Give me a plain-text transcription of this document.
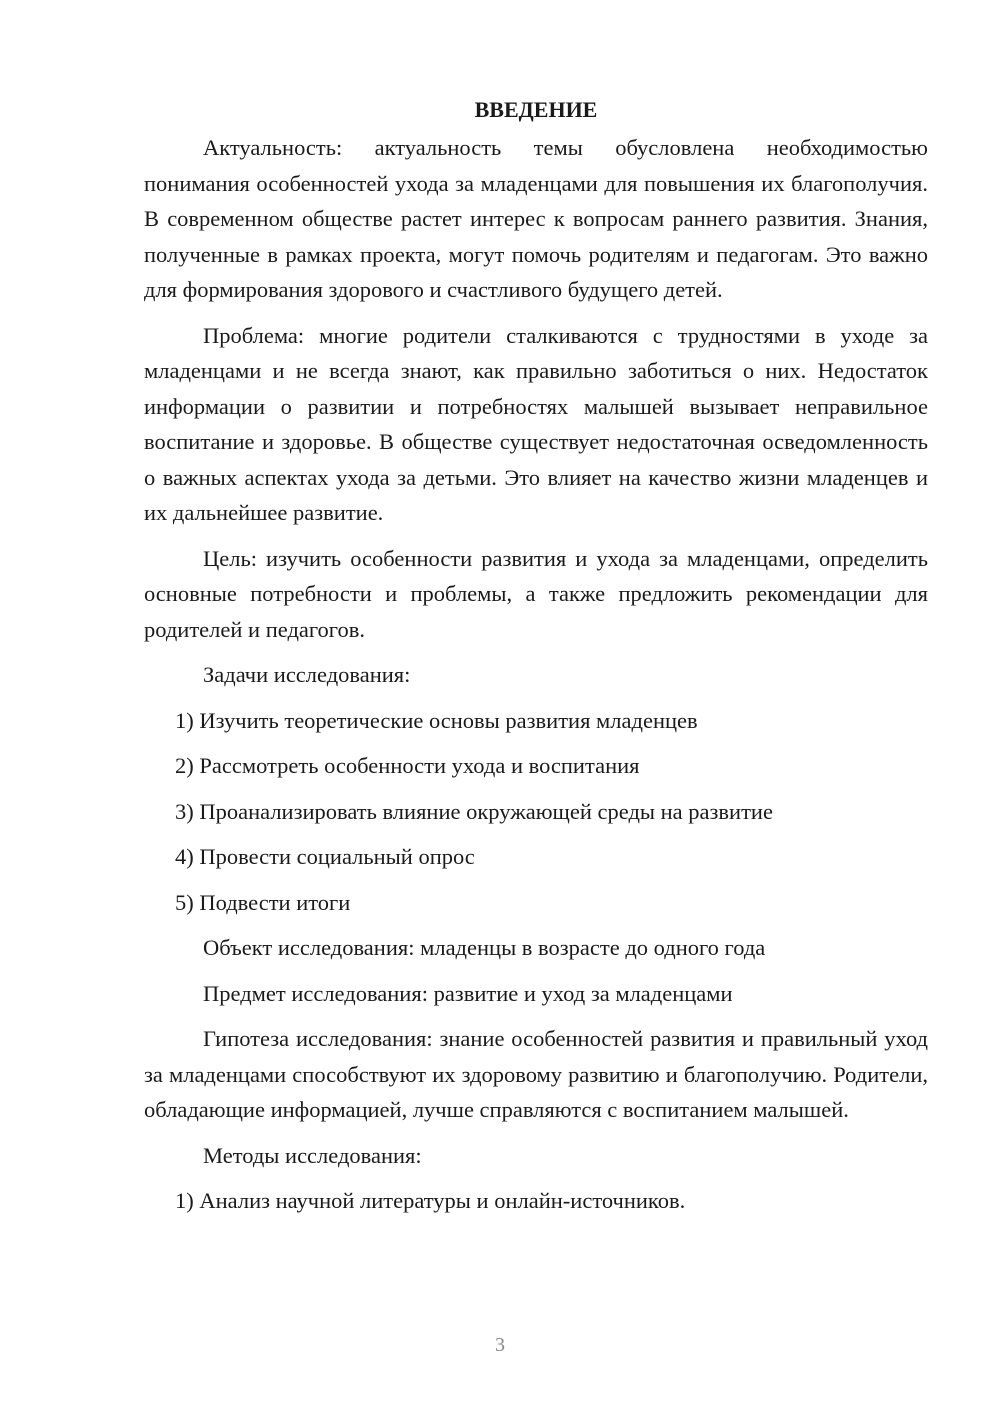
ВВЕДЕНИЕ

Актуальность: актуальность темы обусловлена необходимостью понимания особенностей ухода за младенцами для повышения их благополучия. В современном обществе растет интерес к вопросам раннего развития. Знания, полученные в рамках проекта, могут помочь родителям и педагогам. Это важно для формирования здорового и счастливого будущего детей.

Проблема: многие родители сталкиваются с трудностями в уходе за младенцами и не всегда знают, как правильно заботиться о них. Недостаток информации о развитии и потребностях малышей вызывает неправильное воспитание и здоровье. В обществе существует недостаточная осведомленность о важных аспектах ухода за детьми. Это влияет на качество жизни младенцев и их дальнейшее развитие.

Цель: изучить особенности развития и ухода за младенцами, определить основные потребности и проблемы, а также предложить рекомендации для родителей и педагогов.

Задачи исследования:

1) Изучить теоретические основы развития младенцев

2) Рассмотреть особенности ухода и воспитания

3) Проанализировать влияние окружающей среды на развитие

4) Провести социальный опрос

5) Подвести итоги

Объект исследования: младенцы в возрасте до одного года

Предмет исследования: развитие и уход за младенцами

Гипотеза исследования: знание особенностей развития и правильный уход за младенцами способствуют их здоровому развитию и благополучию. Родители, обладающие информацией, лучше справляются с воспитанием малышей.

Методы исследования:

1) Анализ научной литературы и онлайн-источников.

3
